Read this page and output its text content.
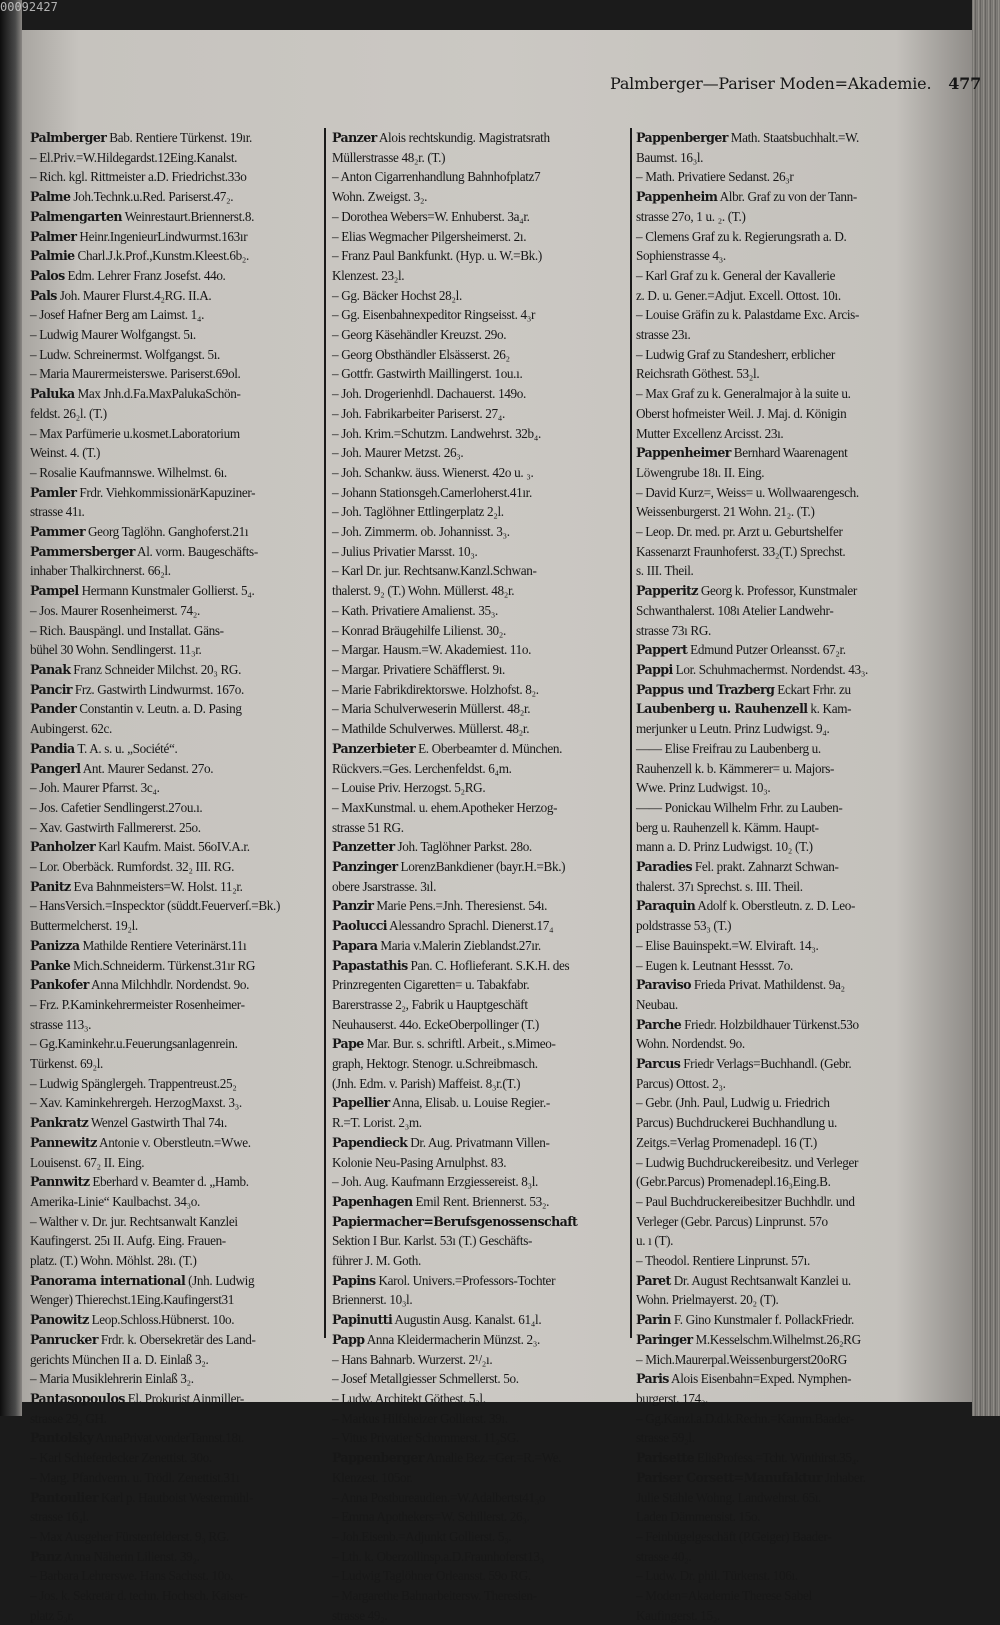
00092427
Palmberger—Pariser Moden=Akademie. 477
Palmberger Bab. Rentiere Türkenst. 19ır.
– El.Priv.=W.Hildegardst.12Eing.Kanalst.
– Rich. kgl. Rittmeister a.D. Friedrichst.33o
Palme Joh.Technk.u.Red. Pariserst.47₂.
Palmengarten Weinrestaurt.Briennerst.8.
Palmer Heinr.IngenieurLindwurmst.163ır
Palmie Charl.J.k.Prof.,Kunstm.Kleest.6b₂.
Palos Edm. Lehrer Franz Josefst. 44o.
Pals Joh. Maurer Flurst.4₂RG. II.A.
– Josef Hafner Berg am Laimst. 1₄.
– Ludwig Maurer Wolfgangst. 5ı.
– Ludw. Schreinermst. Wolfgangst. 5ı.
– Maria Maurermeisterswe. Pariserst.69ol.
Paluka Max Jnh.d.Fa.MaxPalukaSchön-
feldst. 26₂l. (T.)
– Max Parfümerie u.kosmet.Laboratorium
Weinst. 4. (T.)
– Rosalie Kaufmannswe. Wilhelmst. 6ı.
Pamler Frdr. ViehkommissionärKapuziner-
strasse 41ı.
Pammer Georg Taglöhn. Ganghoferst.21ı
Pammersberger Al. vorm. Baugeschäfts-
inhaber Thalkirchnerst. 66₂l.
Pampel Hermann Kunstmaler Gollierst. 5₄.
– Jos. Maurer Rosenheimerst. 74₂.
– Rich. Bauspängl. und Installat. Gäns-
bühel 30 Wohn. Sendlingerst. 11₃r.
Panak Franz Schneider Milchst. 20₃ RG.
Pancir Frz. Gastwirth Lindwurmst. 167o.
Pander Constantin v. Leutn. a. D. Pasing
Aubingerst. 62c.
Pandia T. A. s. u. „Société“.
Pangerl Ant. Maurer Sedanst. 27o.
– Joh. Maurer Pfarrst. 3c₄.
– Jos. Cafetier Sendlingerst.27ou.ı.
– Xav. Gastwirth Fallmererst. 25o.
Panholzer Karl Kaufm. Maist. 56oIV.A.r.
– Lor. Oberbäck. Rumfordst. 32₂ III. RG.
Panitz Eva Bahnmeisters=W. Holst. 11₂r.
– HansVersich.=Inspecktor (süddt.Feuerverſ.=Bk.)
Buttermelcherst. 19₂l.
Panizza Mathilde Rentiere Veterinärst.11ı
Panke Mich.Schneiderm. Türkenst.31ır RG
Pankofer Anna Milchhdlr. Nordendst. 9o.
– Frz. P.Kaminkehrermeister Rosenheimer-
strasse 113₃.
– Gg.Kaminkehr.u.Feuerungsanlagenrein.
Türkenst. 69₂l.
– Ludwig Spänglergeh. Trappentreust.25₂
– Xav. Kaminkehrergeh. HerzogMaxst. 3₃.
Pankratz Wenzel Gastwirth Thal 74ı.
Pannewitz Antonie v. Oberstleutn.=Wwe.
Louisenst. 67₂ II. Eing.
Pannwitz Eberhard v. Beamter d. „Hamb.
Amerika-Linie“ Kaulbachst. 34₃o.
– Walther v. Dr. jur. Rechtsanwalt Kanzlei
Kaufingerst. 25ı II. Aufg. Eing. Frauen-
platz. (T.) Wohn. Möhlst. 28ı. (T.)
Panorama international (Jnh. Ludwig
Wenger) Thierechst.1Eing.Kaufingerst31
Panowitz Leop.Schloss.Hübnerst. 10o.
Panrucker Frdr. k. Obersekretär des Land-
gerichts München II a. D. Einlaß 3₂.
– Maria Musiklehrerin Einlaß 3₂.
Pantasopoulos El. Prokurist Ainmiller-
strasse 29₂ GH.
Pantolsky AnnaPrivat.vonderTannst.18ı.
– Karl Schieferdecker Zenettist. 30o.
– Marg. Pfandverm. u. Trödl. Zenettist.31ı
Pantoulier Karl p. Hautboist Westermühl-
strasse 16₄l.
– Max Ausgeher Fürstenfelderst. 9₃ RG.
Panz Anna Näherin Lilienst. 39₂.
– Barbara Lehrerswe. Hans Sachsst. 10o.
– Jos. k. Sekretär d. techn. Hochsch. Kaiser-
platz 5₃r.
Panzer Alois rechtskundig. Magistratsrath
Müllerstrasse 48₂r. (T.)
– Anton Cigarrenhandlung Bahnhofplatz7
Wohn. Zweigst. 3₂.
– Dorothea Webers=W. Enhuberst. 3a₄r.
– Elias Wegmacher Pilgersheimerst. 2ı.
– Franz Paul Bankfunkt. (Hyp. u. W.=Bk.)
Klenzest. 23₂l.
– Gg. Bäcker Hochst 28₂l.
– Gg. Eisenbahnexpeditor Ringseisst. 4₃r
– Georg Käsehändler Kreuzst. 29o.
– Georg Obsthändler Elsässerst. 26₂
– Gottfr. Gastwirth Maillingerst. 1ou.ı.
– Joh. Drogerienhdl. Dachauerst. 149o.
– Joh. Fabrikarbeiter Pariserst. 27₄.
– Joh. Krim.=Schutzm. Landwehrst. 32b₄.
– Joh. Maurer Metzst. 26₃.
– Joh. Schankw. äuss. Wienerst. 42o u. ₃.
– Johann Stationsgeh.Camerloherst.41ır.
– Joh. Taglöhner Ettlingerplatz 2₂l.
– Joh. Zimmerm. ob. Johannisst. 3₃.
– Julius Privatier Marsst. 10₃.
– Karl Dr. jur. Rechtsanw.Kanzl.Schwan-
thalerst. 9₂ (T.) Wohn. Müllerst. 48₂r.
– Kath. Privatiere Amalienst. 35₃.
– Konrad Bräugehilfe Lilienst. 30₂.
– Margar. Hausm.=W. Akademiest. 11o.
– Margar. Privatiere Schäfflerst. 9ı.
– Marie Fabrikdirektorswe. Holzhofst. 8₂.
– Maria Schulverweserin Müllerst. 48₂r.
– Mathilde Schulverwes. Müllerst. 48₂r.
Panzerbieter E. Oberbeamter d. München.
Rückvers.=Ges. Lerchenfeldst. 6₄m.
– Louise Priv. Herzogst. 5₂RG.
– MaxKunstmal. u. ehem.Apotheker Herzog-
strasse 51 RG.
Panzetter Joh. Taglöhner Parkst. 28o.
Panzinger LorenzBankdiener (bayr.H.=Bk.)
obere Jsarstrasse. 3ıl.
Panzir Marie Pens.=Jnh. Theresienst. 54ı.
Paolucci Alessandro Sprachl. Dienerst.17₄
Papara Maria v.Malerin Zieblandst.27ır.
Papastathis Pan. C. Hoflieferant. S.K.H. des
Prinzregenten Cigaretten= u. Tabakfabr.
Barerstrasse 2₂, Fabrik u Hauptgeschäft
Neuhauserst. 44o. EckeOberpollinger (T.)
Pape Mar. Bur. s. schriftl. Arbeit., s.Mimeo-
graph, Hektogr. Stenogr. u.Schreibmasch.
(Jnh. Edm. v. Parish) Maffeist. 8₃r.(T.)
Papellier Anna, Elisab. u. Louise Regier.-
R.=T. Lorist. 2₃m.
Papendieck Dr. Aug. Privatmann Villen-
Kolonie Neu-Pasing Arnulphst. 83.
– Joh. Aug. Kaufmann Erzgiessereist. 8₃l.
Papenhagen Emil Rent. Briennerst. 53₂.
Papiermacher=Berufsgenossenschaft
Sektion I Bur. Karlst. 53ı (T.) Geschäfts-
führer J. M. Goth.
Papins Karol. Univers.=Professors-Tochter
Briennerst. 10₃l.
Papinutti Augustin Ausg. Kanalst. 61₄l.
Papp Anna Kleidermacherin Münzst. 2₃.
– Hans Bahnarb. Wurzerst. 2¹/₂ı.
– Josef Metallgiesser Schmellerst. 5o.
– Ludw. Architekt Göthest. 5₂l.
– Markus Hilfsheizer Gollierst. 39ı.
– Vitus Privatier Schommerst. 11₂SG.
Pappenberger Amalie Bez.=Ger.=R.=We.
Klenzest. 105or.
– Anna Postbureaudien.=W.Adalbertst41₃o
– Emma Apothekers=W. Schillerst. 26₃.
– Joh.Eisenb.=Adjunkt Gollierst. 5₃.
– Lth. k. Oberzollinsp.a.D.Fraunhoferst13₃
– Ludwig Taglöhner Orleansst. 59o RG.
– Margarethe Bahnarbeitersw. Theresien-
strasse 49₂.
Pappenberger Math. Staatsbuchhalt.=W.
Baumst. 16₃l.
– Math. Privatiere Sedanst. 26₃r
Pappenheim Albr. Graf zu von der Tann-
strasse 27o, 1 u. ₂. (T.)
– Clemens Graf zu k. Regierungsrath a. D.
Sophienstrasse 4₃.
– Karl Graf zu k. General der Kavallerie
z. D. u. Gener.=Adjut. Excell. Ottost. 10ı.
– Louise Gräfin zu k. Palastdame Exc. Arcis-
strasse 23ı.
– Ludwig Graf zu Standesherr, erblicher
Reichsrath Göthest. 53₂l.
– Max Graf zu k. Generalmajor à la suite u.
Oberst hofmeister Weil. J. Maj. d. Königin
Mutter Excellenz Arcisst. 23ı.
Pappenheimer Bernhard Waarenagent
Löwengrube 18ı. II. Eing.
– David Kurz=, Weiss= u. Wollwaarengesch.
Weissenburgerst. 21 Wohn. 21₂. (T.)
– Leop. Dr. med. pr. Arzt u. Geburtshelfer
Kassenarzt Fraunhoferst. 33₂(T.) Sprechst.
s. III. Theil.
Papperitz Georg k. Professor, Kunstmaler
Schwanthalerst. 108ı Atelier Landwehr-
strasse 73ı RG.
Pappert Edmund Putzer Orleansst. 67₂r.
Pappi Lor. Schuhmachermst. Nordendst. 43₃.
Pappus und Trazberg Eckart Frhr. zu
Laubenberg u. Rauhenzell k. Kam-
merjunker u Leutn. Prinz Ludwigst. 9₄.
—— Elise Freifrau zu Laubenberg u.
Rauhenzell k. b. Kämmerer= u. Majors-
Wwe. Prinz Ludwigst. 10₃.
—— Ponickau Wilhelm Frhr. zu Lauben-
berg u. Rauhenzell k. Kämm. Haupt-
mann a. D. Prinz Ludwigst. 10₂ (T.)
Paradies Fel. prakt. Zahnarzt Schwan-
thalerst. 37ı Sprechst. s. III. Theil.
Paraquin Adolf k. Oberstleutn. z. D. Leo-
poldstrasse 53₃ (T.)
– Elise Bauinspekt.=W. Elviraft. 14₃.
– Eugen k. Leutnant Hessst. 7o.
Paraviso Frieda Privat. Mathildenst. 9a₂
Neubau.
Parche Friedr. Holzbildhauer Türkenst.53o
Wohn. Nordendst. 9o.
Parcus Friedr Verlags=Buchhandl. (Gebr.
Parcus) Ottost. 2₃.
– Gebr. (Jnh. Paul, Ludwig u. Friedrich
Parcus) Buchdruckerei Buchhandlung u.
Zeitgs.=Verlag Promenadepl. 16 (T.)
– Ludwig Buchdruckereibesitz. und Verleger
(Gebr.Parcus) Promenadepl.16₃Eing.B.
– Paul Buchdruckereibesitzer Buchhdlr. und
Verleger (Gebr. Parcus) Linprunst. 57o
u. ı (T).
– Theodol. Rentiere Linprunst. 57ı.
Paret Dr. August Rechtsanwalt Kanzlei u.
Wohn. Prielmayerst. 20₂ (T).
Parin F. Gino Kunstmaler f. PollackFriedr.
Paringer M.Kesselschm.Wilhelmst.26₂RG
– Mich.Maurerpal.Weissenburgerst20oRG
Paris Alois Eisenbahn=Exped. Nymphen-
burgerst. 174₂.
– Gg.Kanzl.a.D.d.k.Rechn.=Kamm.Baader-
strasse 59₂l.
Parisette ElisProfess.=Tcht. Winthirst.35₄.
Pariser Corsett=Manufaktur Jnhaber.
Julie Stähle Wohng. Landwehrst. 65ı.
Laden Dämmensist. 15o.
– Feinbügelgeschäft (P.Geiger) Baader-
strasse 40₂.
– Ludw. Dr. phil. Türkenst. 106ı.
– Moden=Akademie Therese Sabel
Kaufingerst. 15₂.
